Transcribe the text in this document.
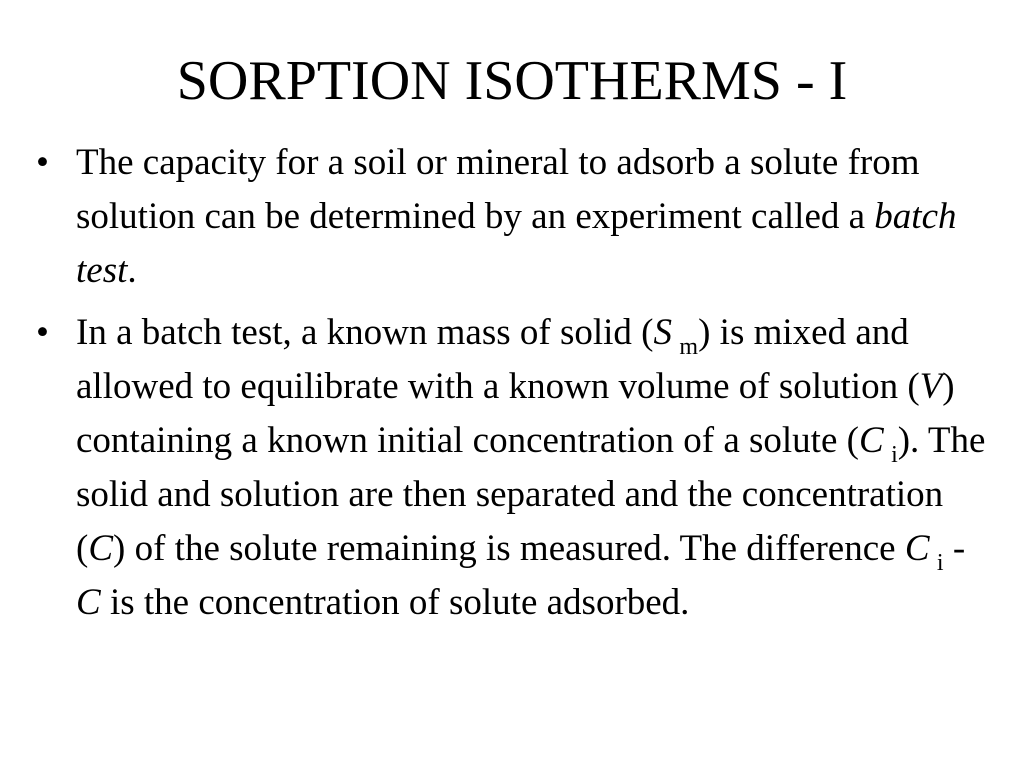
SORPTION ISOTHERMS - I
• The capacity for a soil or mineral to adsorb a solute from solution can be determined by an experiment called a batch test.
• In a batch test, a known mass of solid (S  $_m$) is mixed and allowed to equilibrate with a known volume of solution (V) containing a known initial concentration of a solute (C  $_i$). The solid and solution are then separated and the concentration (C) of the solute remaining is measured. The difference C  $_i$ - C is the concentration of solute adsorbed.
